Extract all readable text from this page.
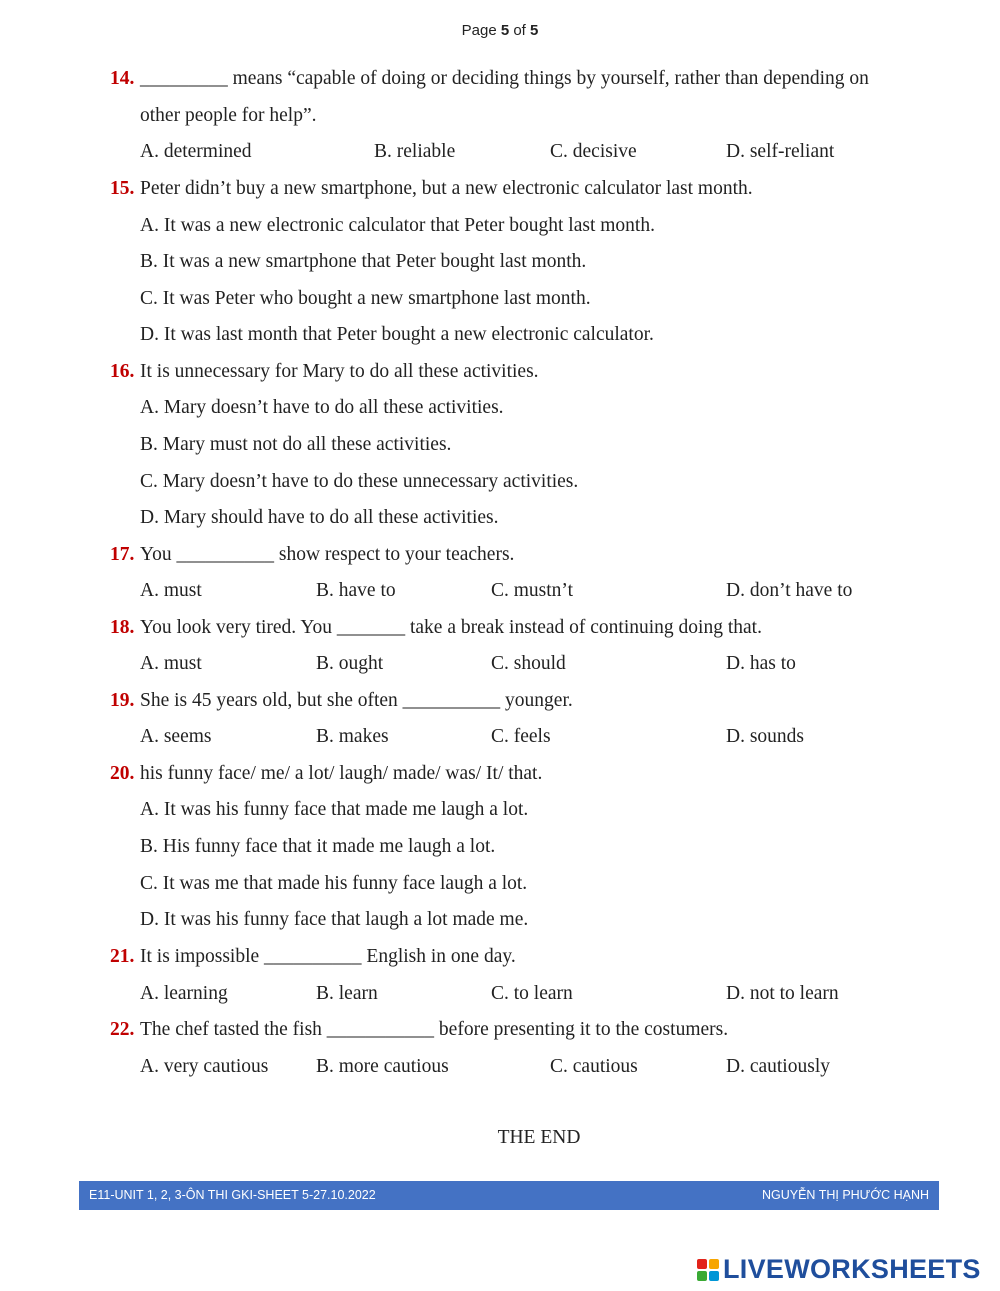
Page 5 of 5
14. _________ means “capable of doing or deciding things by yourself, rather than depending on
other people for help”.
A. determined	B. reliable	C. decisive	D. self-reliant
15. Peter didn’t buy a new smartphone, but a new electronic calculator last month.
A. It was a new electronic calculator that Peter bought last month.
B. It was a new smartphone that Peter bought last month.
C. It was Peter who bought a new smartphone last month.
D. It was last month that Peter bought a new electronic calculator.
16. It is unnecessary for Mary to do all these activities.
A. Mary doesn’t have to do all these activities.
B. Mary must not do all these activities.
C. Mary doesn’t have to do these unnecessary activities.
D. Mary should have to do all these activities.
17. You __________ show respect to your teachers.
A. must	B. have to	C. mustn’t	D. don’t have to
18. You look very tired. You _______ take a break instead of continuing doing that.
A. must	B. ought	C. should	D. has to
19. She is 45 years old, but she often __________ younger.
A. seems	B. makes	C. feels	D. sounds
20. his funny face/ me/ a lot/ laugh/ made/ was/ It/ that.
A. It was his funny face that made me laugh a lot.
B. His funny face that it made me laugh a lot.
C. It was me that made his funny face laugh a lot.
D. It was his funny face that laugh a lot made me.
21. It is impossible __________ English in one day.
A. learning	B. learn	C. to learn	D. not to learn
22. The chef tasted the fish ___________ before presenting it to the costumers.
A. very cautious B. more cautious	C. cautious	D. cautiously
THE END
E11-UNIT 1, 2, 3-ÔN THI GKI-SHEET 5-27.10.2022	NGUYỄN THỊ PHƯỚC HẠNH
LIVEWORKSHEETS
